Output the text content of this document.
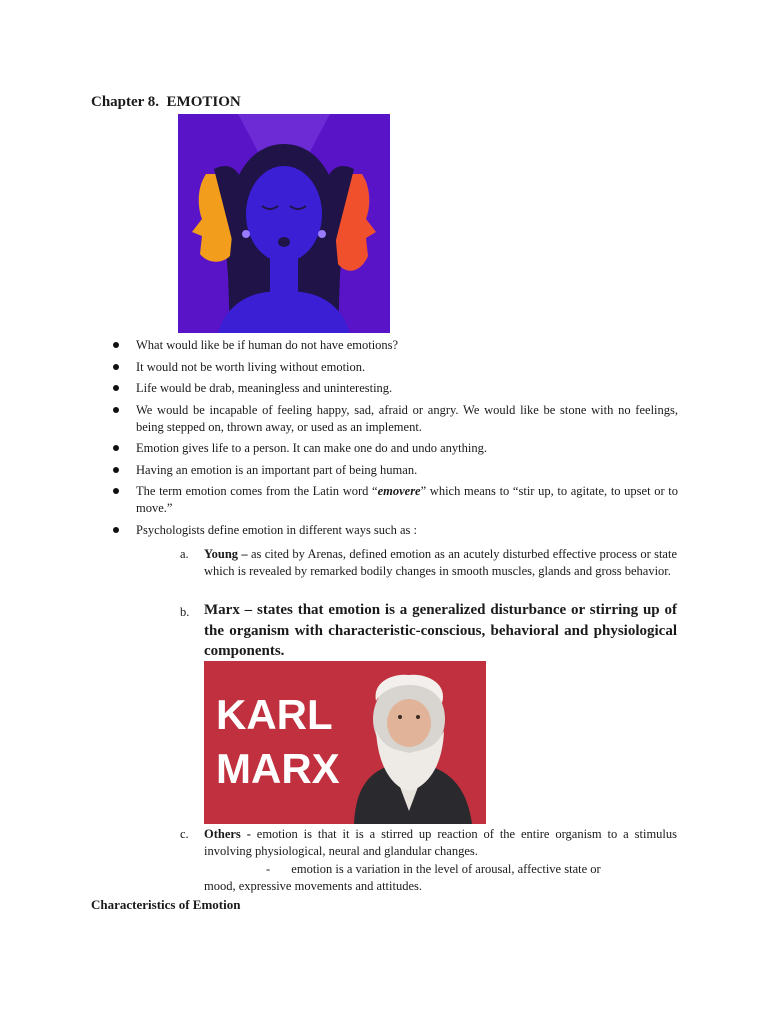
Chapter 8.  EMOTION
What would like be if human do not have emotions?
It would not be worth living without emotion.
Life would be drab, meaningless and uninteresting.
We would be incapable of feeling happy, sad, afraid or angry. We would like be stone with no feelings, being stepped on, thrown away, or used as an implement.
Emotion gives life to a person. It can make one do and undo anything.
Having an emotion is an important part of being human.
The term emotion comes from the Latin word “emovere” which means to “stir up, to agitate, to upset or to move.”
Psychologists define emotion in different ways such as :
a. Young – as cited by Arenas, defined emotion as an acutely disturbed effective process or state which is revealed by remarked bodily changes in smooth muscles, glands and gross behavior.
b. Marx – states that emotion is a generalized disturbance or stirring up of the organism with characteristic-conscious, behavioral and physiological components.
KARL
MARX
c. Others - emotion is that it is a stirred up reaction of the entire organism to a stimulus involving physiological, neural and glandular changes.
- emotion is a variation in the level of arousal, affective state or
mood, expressive movements and attitudes.
Characteristics of Emotion
